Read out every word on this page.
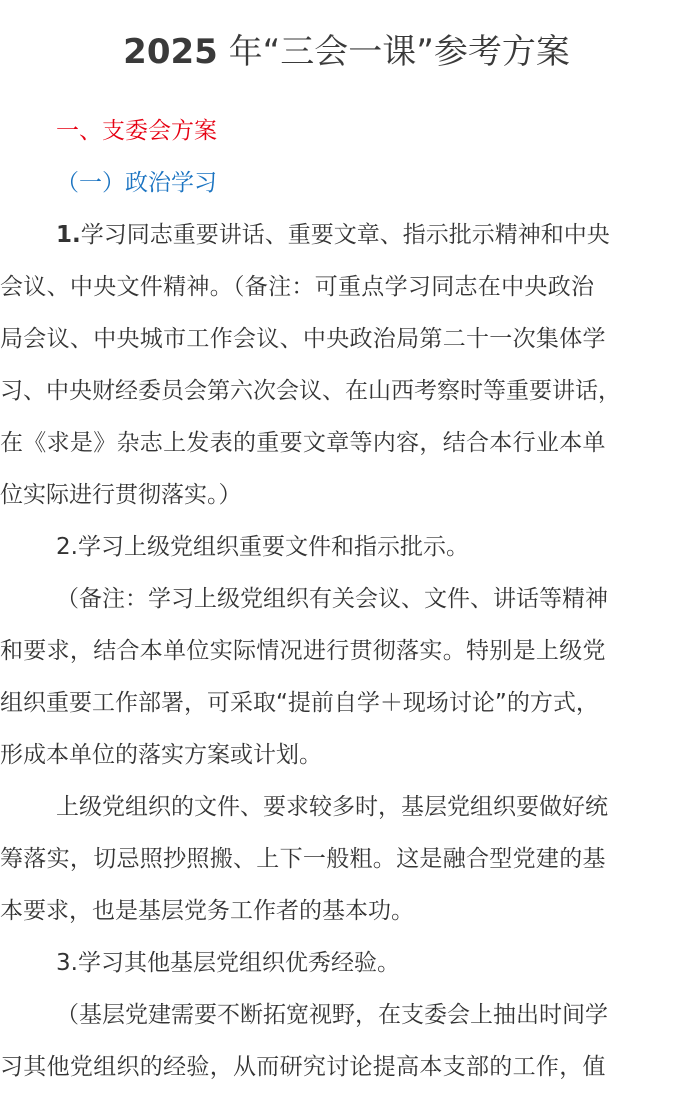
2025 年“三会一课”参考方案
一、支委会方案
（一）政治学习
1.学习同志重要讲话、重要文章、指示批示精神和中央
会议、中央文件精神。（备注：可重点学习同志在中央政治
局会议、中央城市工作会议、中央政治局第二十一次集体学
习、中央财经委员会第六次会议、在山西考察时等重要讲话，
在《求是》杂志上发表的重要文章等内容，结合本行业本单
位实际进行贯彻落实。）
2.学习上级党组织重要文件和指示批示。
（备注：学习上级党组织有关会议、文件、讲话等精神
和要求，结合本单位实际情况进行贯彻落实。特别是上级党
组织重要工作部署，可采取“提前自学＋现场讨论”的方式，
形成本单位的落实方案或计划。
上级党组织的文件、要求较多时，基层党组织要做好统
筹落实，切忌照抄照搬、上下一般粗。这是融合型党建的基
本要求，也是基层党务工作者的基本功。
3.学习其他基层党组织优秀经验。
（基层党建需要不断拓宽视野，在支委会上抽出时间学
习其他党组织的经验，从而研究讨论提高本支部的工作，值
